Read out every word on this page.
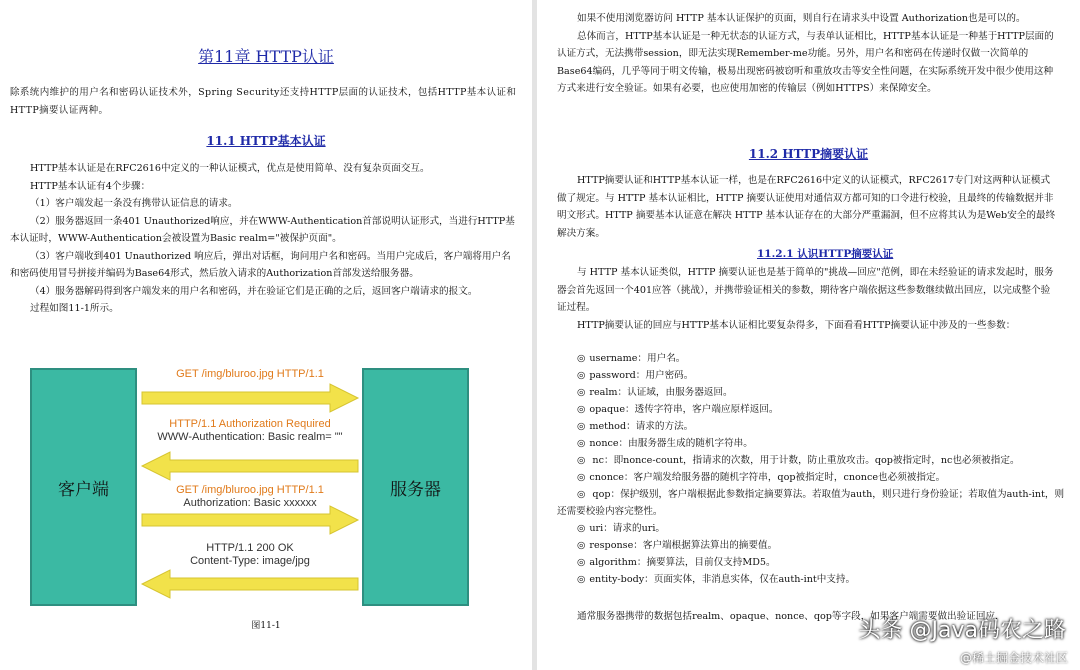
第11章 HTTP认证
除系统内维护的用户名和密码认证技术外，Spring Security还支持HTTP层面的认证技术，包括HTTP基本认证和HTTP摘要认证两种。
11.1 HTTP基本认证

HTTP基本认证是在RFC2616中定义的一种认证模式，优点是使用简单、没有复杂页面交互。

HTTP基本认证有4个步骤：

（1）客户端发起一条没有携带认证信息的请求。

（2）服务器返回一条401 Unauthorized响应，并在WWW-Authentication首部说明认证形式，当进行HTTP基本认证时，WWW-Authentication会被设置为Basic realm="被保护页面"。

（3）客户端收到401 Unauthorized 响应后，弹出对话框，询问用户名和密码。当用户完成后，客户端将用户名和密码使用冒号拼接并编码为Base64形式，然后放入请求的Authorization首部发送给服务器。

（4）服务器解码得到客户端发来的用户名和密码，并在验证它们是正确的之后，返回客户端请求的报文。

过程如图11-1所示。

客户端	服务器
GET /img/bluroo.jpg HTTP/1.1
HTTP/1.1 Authorization Required
WWW-Authentication: Basic realm= ""
GET /img/bluroo.jpg HTTP/1.1
Authorization: Basic xxxxxx
HTTP/1.1 200 OK
Content-Type: image/jpg
图11-1

如果不使用浏览器访问 HTTP 基本认证保护的页面，则自行在请求头中设置 Authorization也是可以的。

总体而言，HTTP基本认证是一种无状态的认证方式，与表单认证相比，HTTP基本认证是一种基于HTTP层面的认证方式，无法携带session，即无法实现Remember-me功能。另外，用户名和密码在传递时仅做一次简单的Base64编码，几乎等同于明文传输，极易出现密码被窃听和重放攻击等安全性问题，在实际系统开发中很少使用这种方式来进行安全验证。如果有必要，也应使用加密的传输层（例如HTTPS）来保障安全。

11.2 HTTP摘要认证

HTTP摘要认证和HTTP基本认证一样，也是在RFC2616中定义的认证模式，RFC2617专门对这两种认证模式做了规定。与 HTTP 基本认证相比，HTTP 摘要认证使用对通信双方都可知的口令进行校验，且最终的传输数据并非明文形式。HTTP 摘要基本认证意在解决 HTTP 基本认证存在的大部分严重漏洞，但不应将其认为是Web安全的最终解决方案。

11.2.1 认识HTTP摘要认证

与 HTTP 基本认证类似，HTTP 摘要认证也是基于简单的"挑战—回应"范例，即在未经验证的请求发起时，服务器会首先返回一个401应答（挑战），并携带验证相关的参数，期待客户端依据这些参数继续做出回应，以完成整个验证过程。

HTTP摘要认证的回应与HTTP基本认证相比要复杂得多，下面看看HTTP摘要认证中涉及的一些参数：

◎ username：用户名。
◎ password：用户密码。
◎ realm：认证域，由服务器返回。
◎ opaque：透传字符串，客户端应原样返回。
◎ method：请求的方法。
◎ nonce：由服务器生成的随机字符串。
◎ nc：即nonce-count，指请求的次数，用于计数，防止重放攻击。qop被指定时，nc也必须被指定。
◎ cnonce：客户端发给服务器的随机字符串，qop被指定时，cnonce也必须被指定。
◎ qop：保护级别，客户端根据此参数指定摘要算法。若取值为auth，则只进行身份验证；若取值为auth-int，则还需要校验内容完整性。
◎ uri：请求的uri。
◎ response：客户端根据算法算出的摘要值。
◎ algorithm：摘要算法，目前仅支持MD5。
◎ entity-body：页面实体，非消息实体，仅在auth-int中支持。

通常服务器携带的数据包括realm、opaque、nonce、qop等字段，如果客户端需要做出验证回应，

头条 @Java码农之路
@稀土掘金技术社区
